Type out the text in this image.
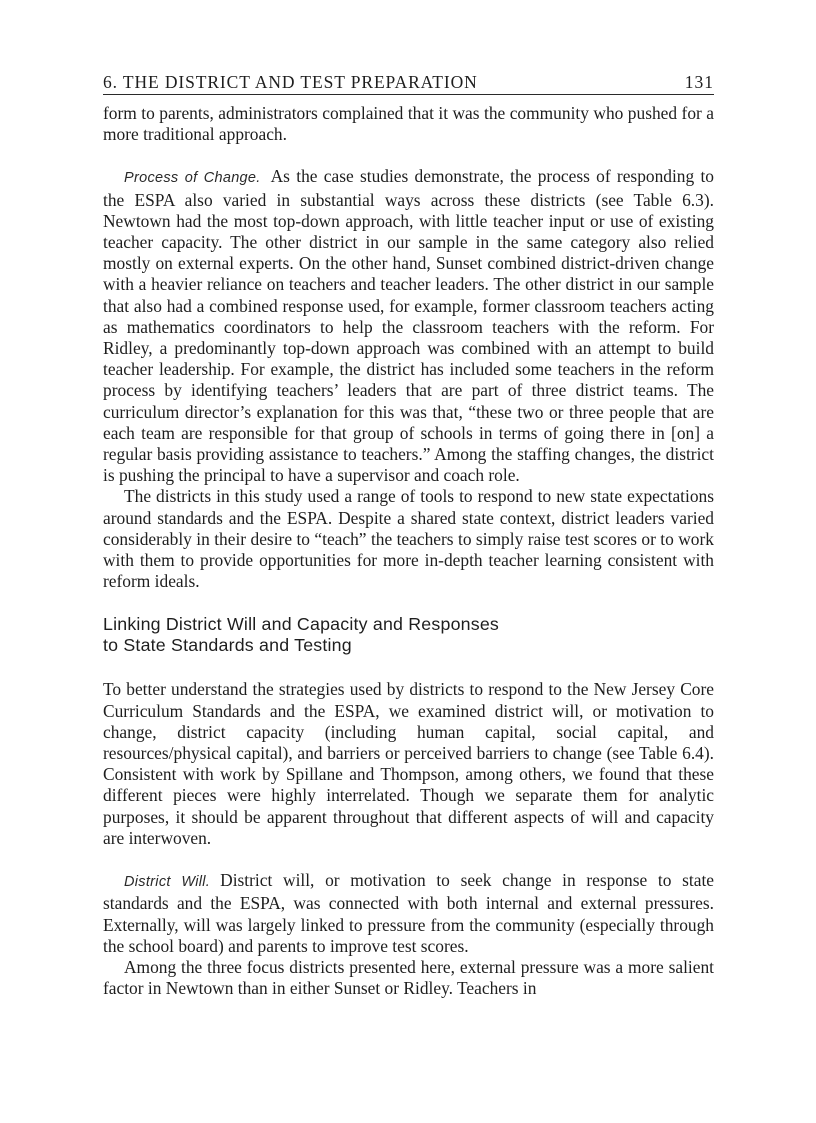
6. THE DISTRICT AND TEST PREPARATION	131

form to parents, administrators complained that it was the community who pushed for a more traditional approach.

Process of Change. As the case studies demonstrate, the process of responding to the ESPA also varied in substantial ways across these districts (see Table 6.3). Newtown had the most top-down approach, with little teacher input or use of existing teacher capacity. The other district in our sample in the same category also relied mostly on external experts. On the other hand, Sunset combined district-driven change with a heavier reliance on teachers and teacher leaders. The other district in our sample that also had a combined response used, for example, former classroom teachers acting as mathematics coordinators to help the classroom teachers with the reform. For Ridley, a predominantly top-down approach was combined with an attempt to build teacher leadership. For example, the district has included some teachers in the reform process by identifying teachers’ leaders that are part of three district teams. The curriculum director’s explanation for this was that, “these two or three people that are each team are responsible for that group of schools in terms of going there in [on] a regular basis providing assistance to teachers.” Among the staffing changes, the district is pushing the principal to have a supervisor and coach role.

The districts in this study used a range of tools to respond to new state expectations around standards and the ESPA. Despite a shared state context, district leaders varied considerably in their desire to “teach” the teachers to simply raise test scores or to work with them to provide opportunities for more in-depth teacher learning consistent with reform ideals.

Linking District Will and Capacity and Responses
to State Standards and Testing

To better understand the strategies used by districts to respond to the New Jersey Core Curriculum Standards and the ESPA, we examined district will, or motivation to change, district capacity (including human capital, social capital, and resources/physical capital), and barriers or perceived barriers to change (see Table 6.4). Consistent with work by Spillane and Thompson, among others, we found that these different pieces were highly interrelated. Though we separate them for analytic purposes, it should be apparent throughout that different aspects of will and capacity are interwoven.

District Will. District will, or motivation to seek change in response to state standards and the ESPA, was connected with both internal and external pressures. Externally, will was largely linked to pressure from the community (especially through the school board) and parents to improve test scores.

Among the three focus districts presented here, external pressure was a more salient factor in Newtown than in either Sunset or Ridley. Teachers in
